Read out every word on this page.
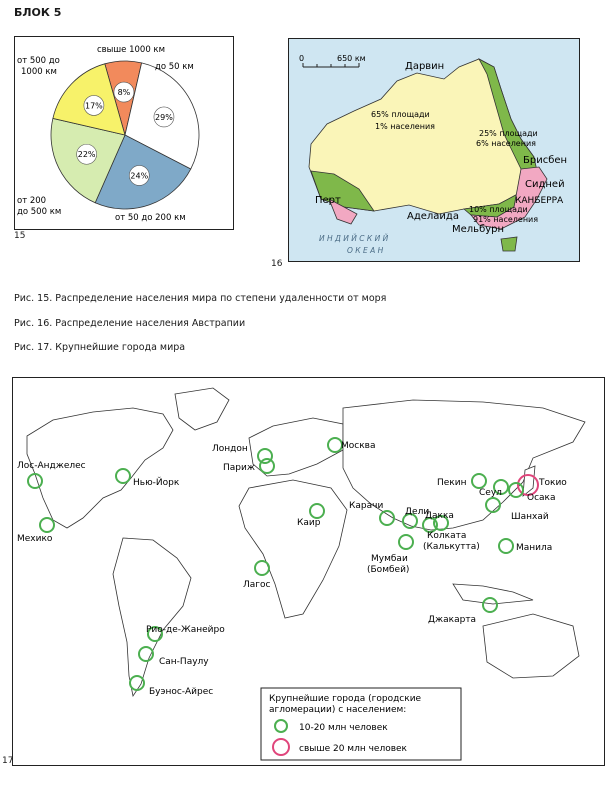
БЛОК 5
8%
29%
24%
22%
17%
свыше 1000 км
до 50 км
от 500 до
1000 км
от 200
до 500 км
от 50 до 200 км
15
0	650 км
65% площади
1% населения
25% площади
6% населения
10% площади
91% населения
Дарвин
Брисбен
Сидней
КАНБЕРРА
Мельбурн
Аделаида
Перт
И Н Д И Й С К И Й
О К Е А Н
16
Рис. 15. Распределение населения мира по степени удаленности от моря
Рис. 16. Распределение населения Австрапии
Рис. 17. Крупнейшие города мира
Лос-Анджелес
Мехико
Нью-Йорк
Лондон
Париж
Москва
Каир
Лагос
Карачи
Дели
Дакка
Колката
Мумбаи
Пекин
Сеул
Токио
Осака
Шанхай
Манила
Джакарта
Рио-де-Жанейро
Сан-Паулу
Буэнос-Айрес
(Калькутта)
(Бомбей)
Крупнейшие города (городские
агломерации) с населением:
10-20 млн человек
свыше 20 млн человек
17
